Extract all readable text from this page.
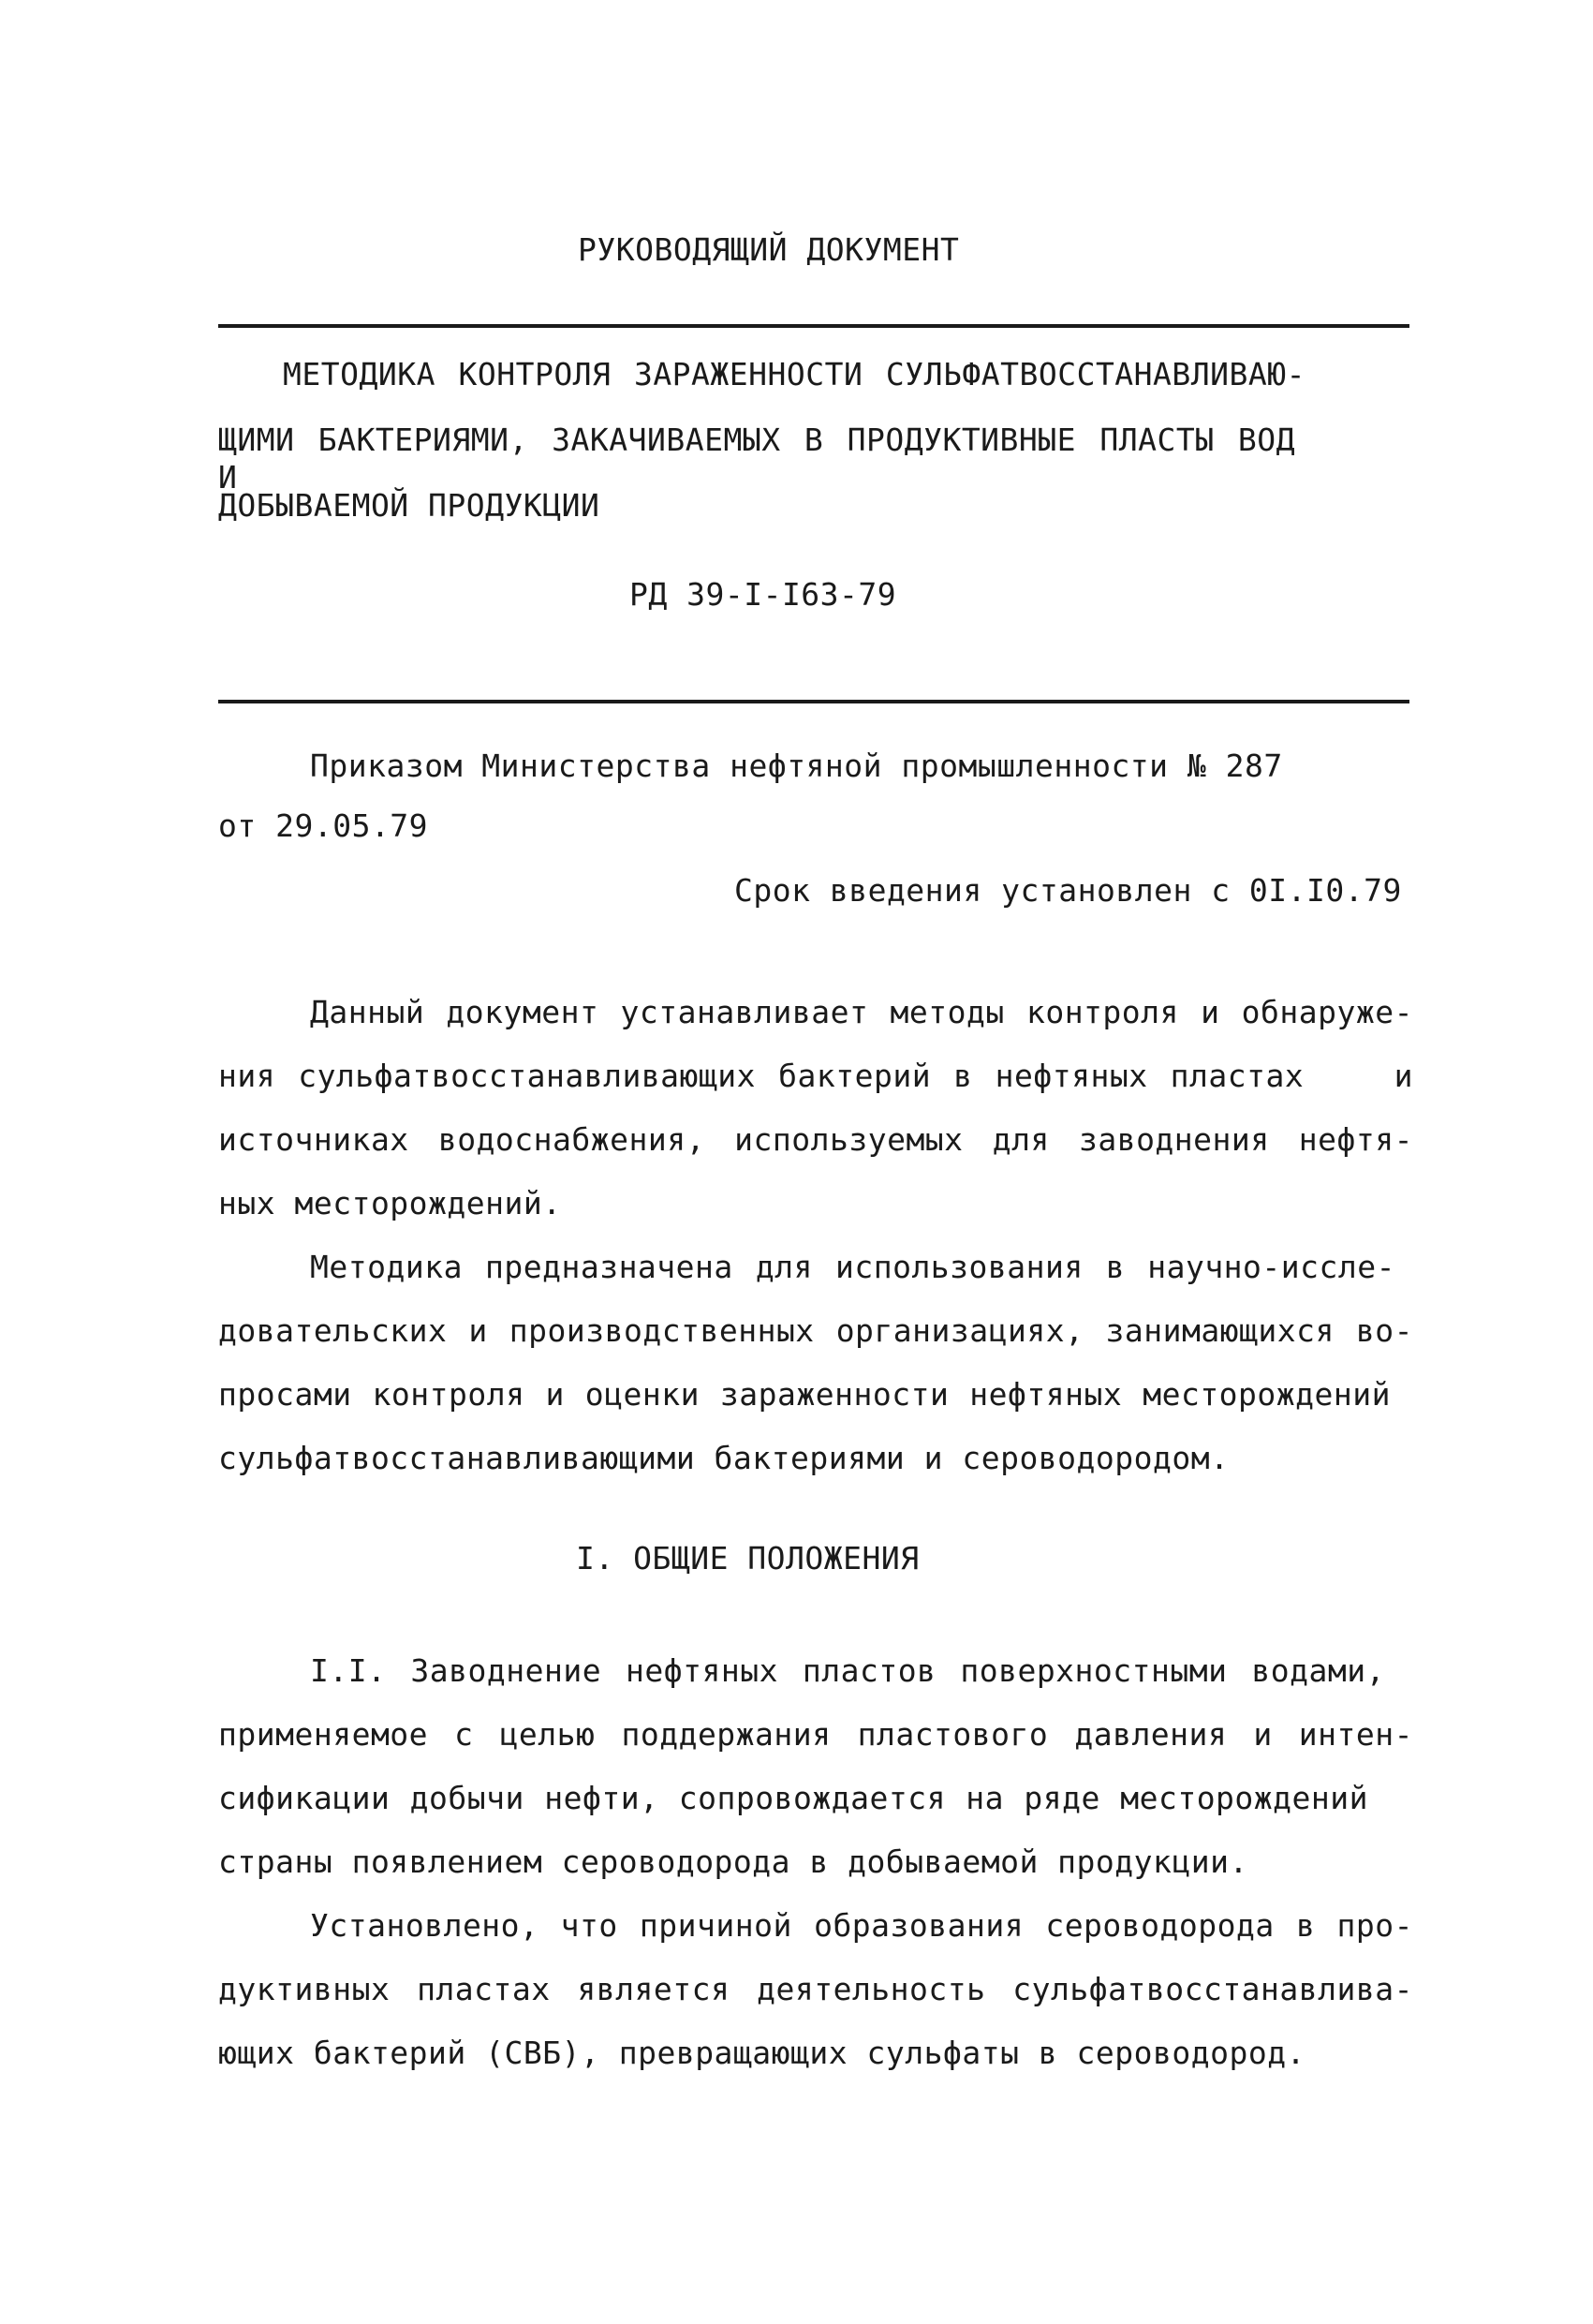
РУКОВОДЯЩИЙ ДОКУМЕНТ
МЕТОДИКА КОНТРОЛЯ ЗАРАЖЕННОСТИ СУЛЬФАТВОССТАНАВЛИВАЮ-
ЩИМИ БАКТЕРИЯМИ, ЗАКАЧИВАЕМЫХ В ПРОДУКТИВНЫЕ ПЛАСТЫ ВОД И
ДОБЫВАЕМОЙ ПРОДУКЦИИ
РД 39-I-I63-79
Приказом Министерства нефтяной промышленности № 287
от 29.05.79
Срок введения установлен с 0I.I0.79
Данный документ устанавливает методы контроля и обнаруже-
ния сульфатвосстанавливающих бактерий в нефтяных пластах    и
источниках водоснабжения, используемых для заводнения нефтя-
ных месторождений.
Методика предназначена для использования в научно-иссле-
довательских и производственных организациях, занимающихся во-
просами контроля и оценки зараженности нефтяных месторождений
сульфатвосстанавливающими бактериями и сероводородом.
I. ОБЩИЕ ПОЛОЖЕНИЯ
I.I. Заводнение нефтяных пластов поверхностными водами,
применяемое с целью поддержания пластового давления и интен-
сификации добычи нефти, сопровождается на ряде месторождений
страны появлением сероводорода в добываемой продукции.
Установлено, что причиной образования сероводорода в про-
дуктивных пластах является деятельность сульфатвосстанавлива-
ющих бактерий (СВБ), превращающих сульфаты в сероводород.
